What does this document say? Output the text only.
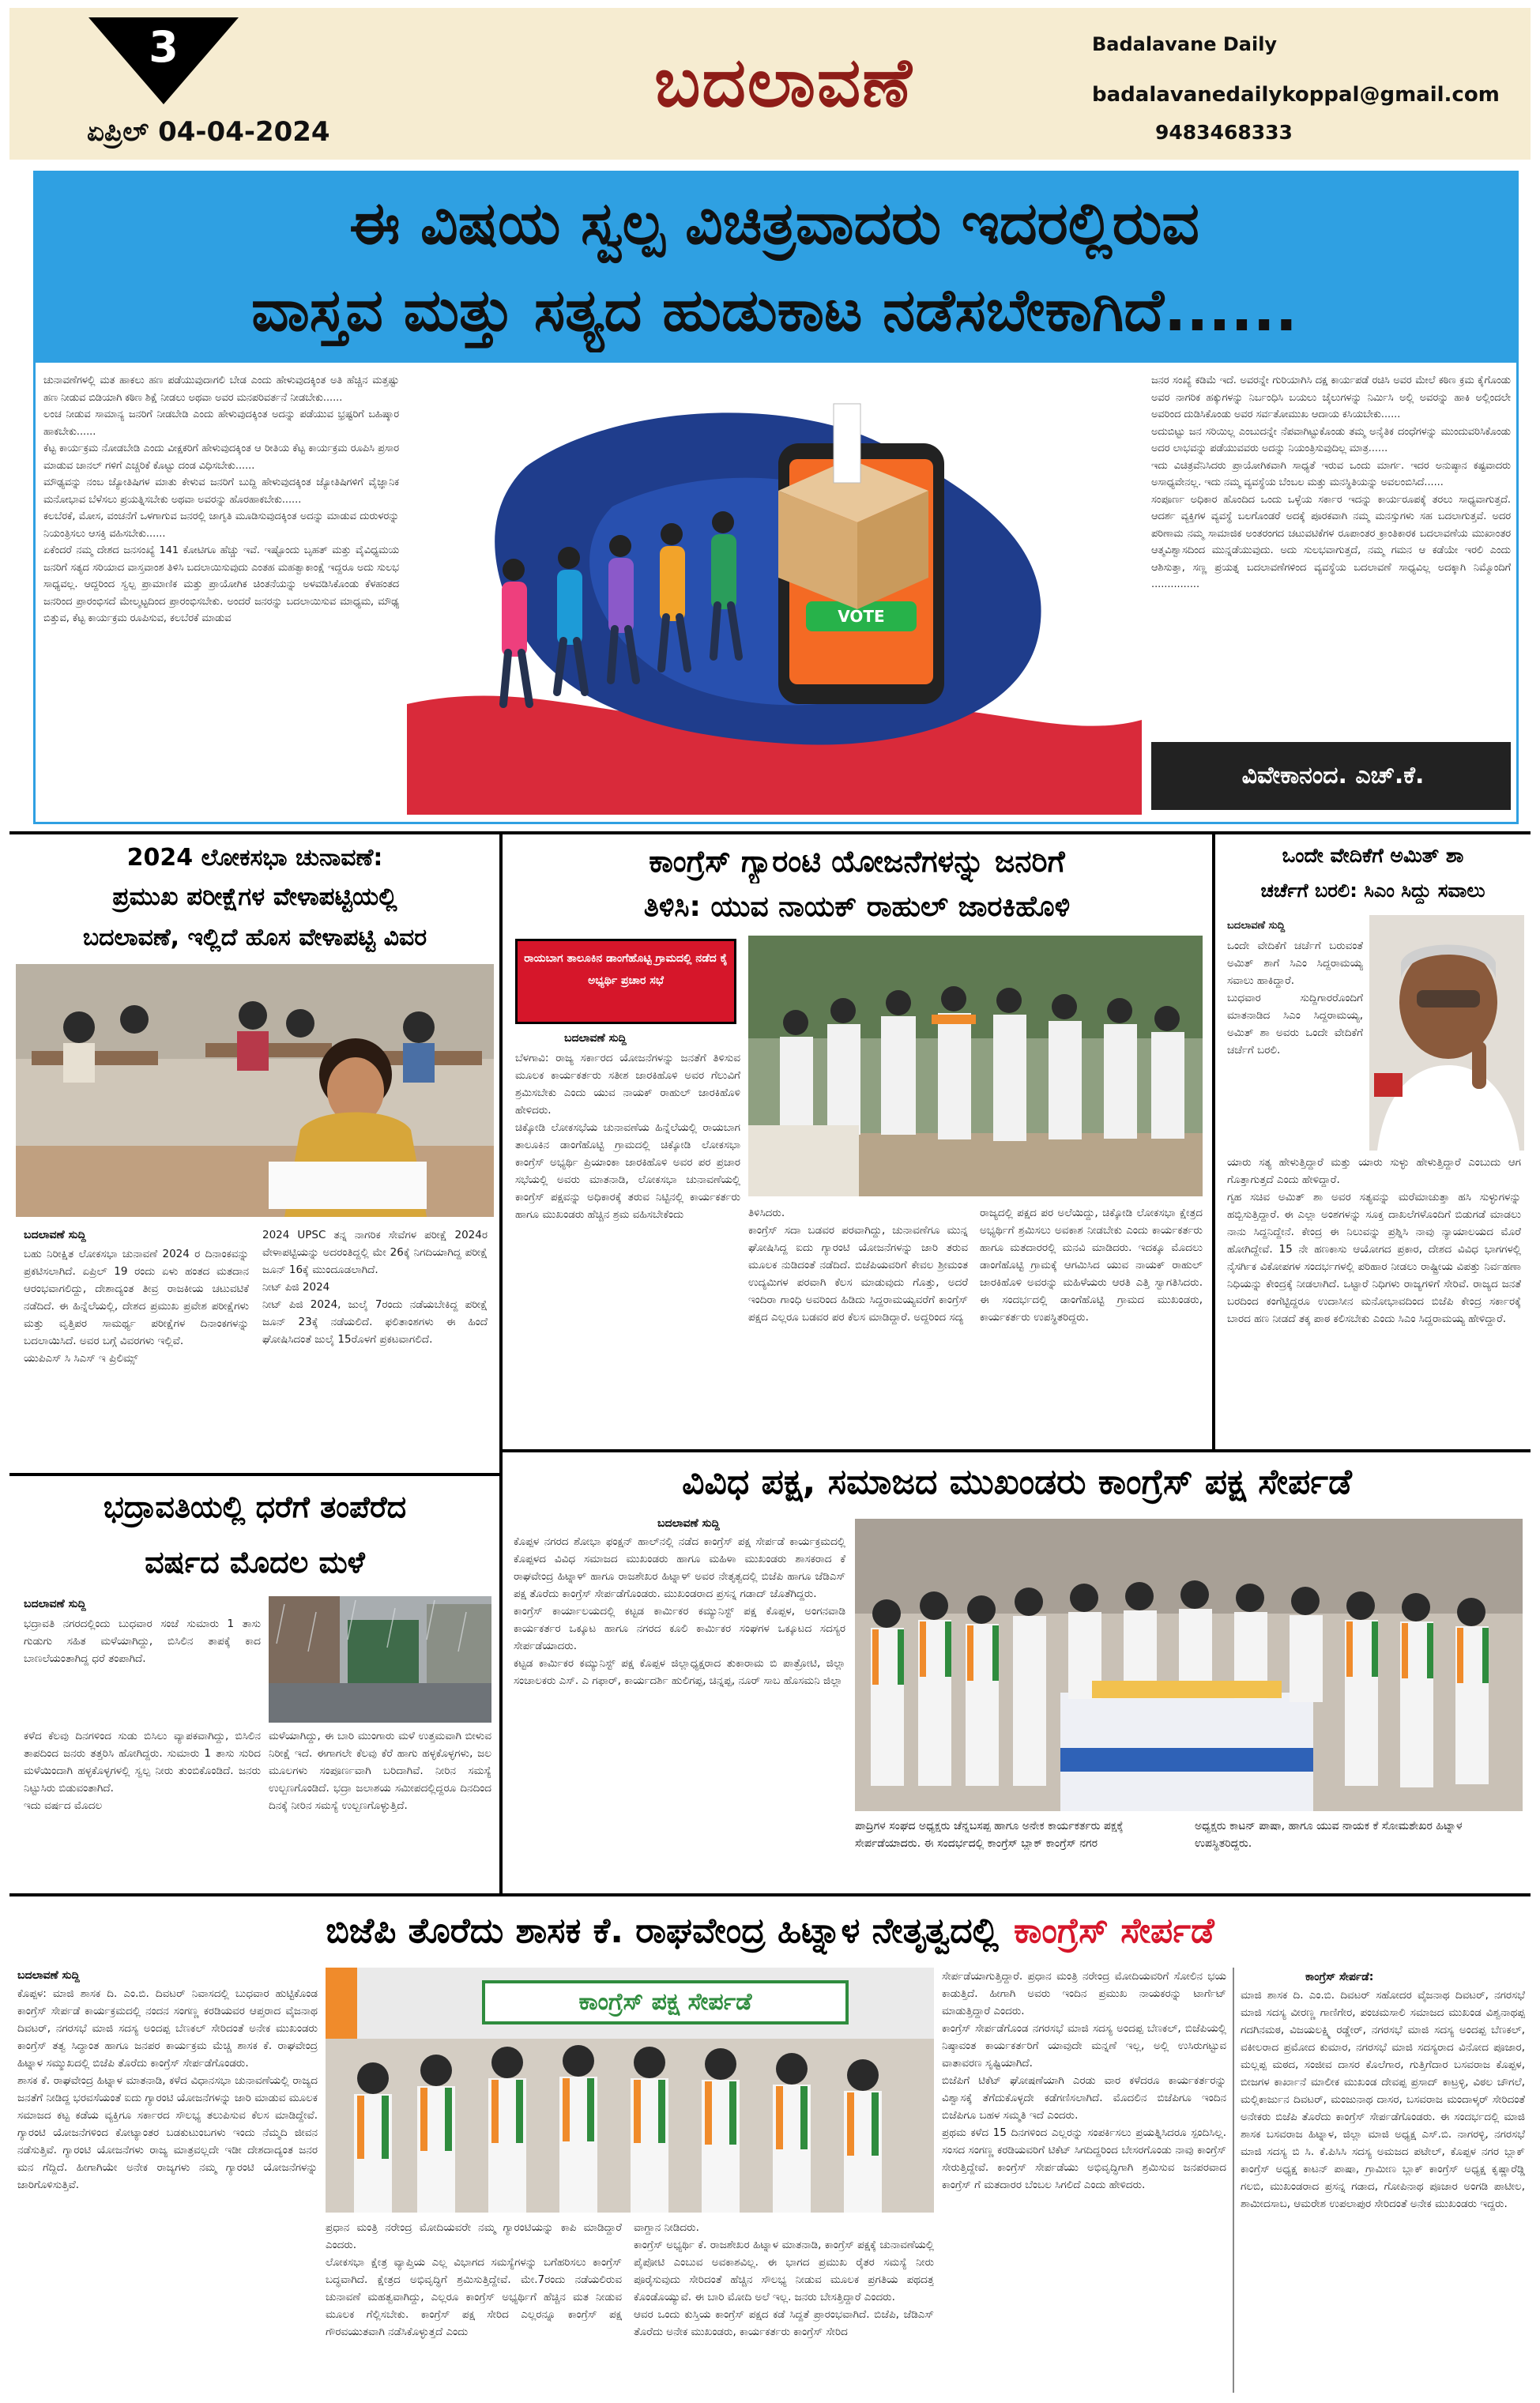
3
ಏಪ್ರಿಲ್ 04-04-2024
ಬದಲಾವಣೆ	Badalavane Daily
badalavanedailykoppal@gmail.com
9483468333
ಈ ವಿಷಯ ಸ್ವಲ್ಪ ವಿಚಿತ್ರವಾದರು ಇದರಲ್ಲಿರುವ
ವಾಸ್ತವ ಮತ್ತು ಸತ್ಯದ ಹುಡುಕಾಟ ನಡೆಸಬೇಕಾಗಿದೆ......
ಚುನಾವಣೆಗಳಲ್ಲಿ ಮತ ಹಾಕಲು ಹಣ ಪಡೆಯುವುದಾಗಲಿ ಬೇಡ ಎಂದು ಹೇಳುವುದಕ್ಕಿಂತ ಅತಿ ಹೆಚ್ಚಿನ ಮತ್ತಷ್ಟು ಹಣ ನೀಡುವ ಬಿಡಿಯಾಗಿ ಕಠಿಣ ಶಿಕ್ಷೆ ನೀಡಲು ಅಥವಾ ಅವರ ಮನಪರಿವರ್ತನೆ ನೀಡಬೇಕು......
ಲಂಚ ನೀಡುವ ಸಾಮಾನ್ಯ ಜನರಿಗೆ ನೀಡಬೇಡಿ ಎಂದು ಹೇಳುವುದಕ್ಕಿಂತ ಅದನ್ನು ಪಡೆಯುವ ಭ್ರಷ್ಟರಿಗೆ ಬಹಿಷ್ಕಾರ ಹಾಕಬೇಕು......
ಕೆಟ್ಟ ಕಾರ್ಯಕ್ರಮ ನೋಡಬೇಡಿ ಎಂದು ವೀಕ್ಷಕರಿಗೆ ಹೇಳುವುದಕ್ಕಿಂತ ಆ ರೀತಿಯ ಕೆಟ್ಟ ಕಾರ್ಯಕ್ರಮ ರೂಪಿಸಿ ಪ್ರಸಾರ ಮಾಡುವ ಚಾನಲ್ ಗಳಿಗೆ ಎಚ್ಚರಿಕೆ ಕೊಟ್ಟು ದಂಡ ವಿಧಿಸಬೇಕು......
ಮೌಢ್ಯವನ್ನು ನಂಬ ಜ್ಯೋತಿಷಿಗಳ ಮಾತು ಕೇಳುವ ಜನರಿಗೆ ಬುದ್ದಿ ಹೇಳುವುದಕ್ಕಿಂತ ಜ್ಯೋತಿಷಿಗಳಿಗೆ ವೈಜ್ಞಾನಿಕ ಮನೋಭಾವ ಬೆಳೆಸಲು ಪ್ರಯತ್ನಿಸಬೇಕು ಅಥವಾ ಅವರನ್ನು ಹೊರಹಾಕಬೇಕು......
ಕಲಬೆರಕೆ, ಮೋಸ, ವಂಚನೆಗೆ ಒಳಗಾಗುವ ಜನರಲ್ಲಿ ಜಾಗೃತಿ ಮೂಡಿಸುವುದಕ್ಕಿಂತ ಅದನ್ನು ಮಾಡುವ ದುರುಳರನ್ನು ನಿಯಂತ್ರಿಸಲು ಆಸಕ್ತಿ ವಹಿಸಬೇಕು......
ಏಕೆಂದರೆ ನಮ್ಮ ದೇಶದ ಜನಸಂಖ್ಯೆ 141 ಕೋಟಿಗೂ ಹೆಚ್ಚು ಇವೆ. ಇಷ್ಟೊಂದು ಬೃಹತ್ ಮತ್ತು ವೈವಿಧ್ಯಮಯ ಜನರಿಗೆ ಸತ್ಯದ ಸರಿಯಾದ ವಾಸ್ತವಾಂಶ ತಿಳಿಸಿ ಬದಲಾಯಿಸುವುದು ಎಂತಹ ಮಹತ್ವಾಕಾಂಕ್ಷೆ ಇದ್ದರೂ ಅದು ಸುಲಭ ಸಾಧ್ಯವಲ್ಲ. ಆದ್ದರಿಂದ ಸ್ವಲ್ಪ ಪ್ರಾಮಾಣಿಕ ಮತ್ತು ಪ್ರಾಯೋಗಿಕ ಚಿಂತನೆಯನ್ನು ಅಳವಡಿಸಿಕೊಂಡು ಕೆಳಹಂತದ ಜನರಿಂದ ಪ್ರಾರಂಭಿಸದೆ ಮೇಲ್ಮಟ್ಟದಿಂದ ಪ್ರಾರಂಭಿಸಬೇಕು. ಅಂದರೆ ಜನರನ್ನು ಬದಲಾಯಿಸುವ ಮಾಧ್ಯಮ, ಮೌಢ್ಯ ಬಿತ್ತುವ, ಕೆಟ್ಟ ಕಾರ್ಯಕ್ರಮ ರೂಪಿಸುವ, ಕಲಬೆರಕೆ ಮಾಡುವ	VOTE
ಜನರ ಸಂಖ್ಯೆ ಕಡಿಮೆ ಇದೆ. ಅವರನ್ನೇ ಗುರಿಯಾಗಿಸಿ ದಕ್ಷ ಕಾರ್ಯಪಡೆ ರಚಿಸಿ ಅವರ ಮೇಲೆ ಕಠಿಣ ಕ್ರಮ ಕೈಗೊಂಡು ಅವರ ನಾಗರಿಕ ಹಕ್ಕುಗಳನ್ನು ನಿರ್ಬಂಧಿಸಿ ಬಯಲು ಜೈಲುಗಳನ್ನು ನಿರ್ಮಿಸಿ ಅಲ್ಲಿ ಅವರನ್ನು ಹಾಕಿ ಅಲ್ಲಿಂದಲೇ ಅವರಿಂದ ದುಡಿಸಿಕೊಂಡು ಅವರ ಸರ್ವತೋಮುಖ ಆದಾಯ ಕಸಿಯಬೇಕು......
ಅದುಬಿಟ್ಟು ಜನ ಸರಿಯಿಲ್ಲ ಎಂಬುದನ್ನೇ ನೆಪವಾಗಿಟ್ಟುಕೊಂಡು ತಮ್ಮ ಅನೈತಿಕ ದಂಧೆಗಳನ್ನು ಮುಂದುವರಿಸಿಕೊಂಡು ಅದರ ಲಾಭವನ್ನು ಪಡೆಯುವವರು ಅದನ್ನು ನಿಯಂತ್ರಿಸುವುದಿಲ್ಲ ಮಾತ್ರ......
ಇದು ವಿಚಿತ್ರವೆನಿಸಿದರು ಪ್ರಾಯೋಗಿಕವಾಗಿ ಸಾಧ್ಯತೆ ಇರುವ ಒಂದು ಮಾರ್ಗ. ಇದರ ಅನುಷ್ಠಾನ ಕಷ್ಟವಾದರು ಅಸಾಧ್ಯವೇನಲ್ಲ. ಇದು ನಮ್ಮ ವ್ಯವಸ್ಥೆಯ ಬೆಂಬಲ ಮತ್ತು ಮನಸ್ಥಿತಿಯನ್ನು ಅವಲಂಬಿಸಿದೆ......
ಸಂಪೂರ್ಣ ಅಧಿಕಾರ ಹೊಂದಿದ ಒಂದು ಒಳ್ಳೆಯ ಸರ್ಕಾರ ಇದನ್ನು ಕಾರ್ಯರೂಪಕ್ಕೆ ತರಲು ಸಾಧ್ಯವಾಗುತ್ತದೆ. ಆದರ್ಶ ವ್ಯಕ್ತಿಗಳ ವ್ಯವಸ್ಥೆ ಬಲಗೊಂಡರೆ ಅದಕ್ಕೆ ಪೂರಕವಾಗಿ ನಮ್ಮ ಮನಸ್ಸುಗಳು ಸಹ ಬದಲಾಗುತ್ತವೆ. ಅದರ ಪರಿಣಾಮ ನಮ್ಮ ಸಾಮಾಜಿಕ ಅಂತರಂಗದ ಚಟುವಟಿಕೆಗಳ ರೂಪಾಂತರ ಕ್ರಾಂತಿಕಾರಕ ಬದಲಾವಣೆಯ ಮುಖಾಂತರ ಆತ್ಮವಿಶ್ವಾಸದಿಂದ ಮುನ್ನಡೆಯುವುದು. ಅದು ಸುಲಭವಾಗುತ್ತದೆ, ನಮ್ಮ ಗಮನ ಆ ಕಡೆಯೇ ಇರಲಿ ಎಂದು ಆಶಿಸುತ್ತಾ, ಸಣ್ಣ ಪ್ರಯತ್ನ ಬದಲಾವಣೆಗಳಿಂದ ವ್ಯವಸ್ಥೆಯ ಬದಲಾವಣೆ ಸಾಧ್ಯವಿಲ್ಲ ಅದಕ್ಕಾಗಿ ನಿಮ್ಮೊಂದಿಗೆ ...............
ವಿವೇಕಾನಂದ. ಎಚ್.ಕೆ.
2024 ಲೋಕಸಭಾ ಚುನಾವಣೆ:
ಪ್ರಮುಖ ಪರೀಕ್ಷೆಗಳ ವೇಳಾಪಟ್ಟಿಯಲ್ಲಿ
ಬದಲಾವಣೆ, ಇಲ್ಲಿದೆ ಹೊಸ ವೇಳಾಪಟ್ಟಿ ವಿವರ
ಬದಲಾವಣೆ ಸುದ್ದಿ
ಬಹು ನಿರೀಕ್ಷಿತ ಲೋಕಸಭಾ ಚುನಾವಣೆ 2024 ರ ದಿನಾಂಕವನ್ನು ಪ್ರಕಟಿಸಲಾಗಿದೆ. ಏಪ್ರಿಲ್ 19 ರಂದು ಏಳು ಹಂತದ ಮತದಾನ ಆರಂಭವಾಗಲಿದ್ದು, ದೇಶಾದ್ಯಂತ ತೀವ್ರ ರಾಜಕೀಯ ಚಟುವಟಿಕೆ ನಡೆದಿದೆ. ಈ ಹಿನ್ನೆಲೆಯಲ್ಲಿ, ದೇಶದ ಪ್ರಮುಖ ಪ್ರವೇಶ ಪರೀಕ್ಷೆಗಳು ಮತ್ತು ವೃತ್ತಿಪರ ಸಾಮರ್ಥ್ಯ ಪರೀಕ್ಷೆಗಳ ದಿನಾಂಕಗಳನ್ನು ಬದಲಾಯಿಸಿದೆ. ಅವರ ಬಗ್ಗೆ ವಿವರಗಳು ಇಲ್ಲಿವೆ.
ಯುಪಿಎಸ್ ಸಿ ಸಿಎಸ್ ಇ ಪ್ರಿಲಿಮ್ಸ್
2024 UPSC ತನ್ನ ನಾಗರಿಕ ಸೇವೆಗಳ ಪರೀಕ್ಷೆ 2024ರ ವೇಳಾಪಟ್ಟಿಯನ್ನು ಅದರಂತಿದ್ದಲ್ಲಿ ಮೇ 26ಕ್ಕೆ ನಿಗದಿಯಾಗಿದ್ದ ಪರೀಕ್ಷೆ ಜೂನ್ 16ಕ್ಕೆ ಮುಂದೂಡಲಾಗಿದೆ.
ನೀಟ್ ಪಿಜಿ 2024
ನೀಟ್ ಪಿಜಿ 2024, ಜುಲೈ 7ರಂದು ನಡೆಯಬೇಕಿದ್ದ ಪರೀಕ್ಷೆ ಜೂನ್ 23ಕ್ಕೆ ನಡೆಯಲಿದೆ. ಫಲಿತಾಂಶಗಳು ಈ ಹಿಂದೆ ಘೋಷಿಸಿದಂತೆ ಜುಲೈ 15ರೊಳಗೆ ಪ್ರಕಟವಾಗಲಿದೆ.
ಕಾಂಗ್ರೆಸ್ ಗ್ಯಾರಂಟಿ ಯೋಜನೆಗಳನ್ನು ಜನರಿಗೆ
ತಿಳಿಸಿ: ಯುವ ನಾಯಕ್ ರಾಹುಲ್ ಜಾರಕಿಹೊಳಿ
ರಾಯಬಾಗ ತಾಲೂಕಿನ ಡಾಂಗೆಹೊಟ್ಟಿ ಗ್ರಾಮದಲ್ಲಿ ನಡೆದ ಕೈ ಅಭ್ಯರ್ಥಿ ಪ್ರಚಾರ ಸಭೆ
ಬದಲಾವಣೆ ಸುದ್ದಿ
ಬೆಳಗಾವಿ: ರಾಜ್ಯ ಸರ್ಕಾರದ ಯೋಜನೆಗಳನ್ನು ಜನತೆಗೆ ತಿಳಿಸುವ ಮೂಲಕ ಕಾರ್ಯಕರ್ತರು ಸತೀಶ ಜಾರಕಿಹೊಳಿ ಅವರ ಗೆಲುವಿಗೆ ಶ್ರಮಿಸಬೇಕು ಎಂದು ಯುವ ನಾಯಕ್ ರಾಹುಲ್ ಜಾರಕಿಹೊಳಿ ಹೇಳಿದರು.
ಚಿಕ್ಕೋಡಿ ಲೋಕಸಭೆಯ ಚುನಾವಣೆಯ ಹಿನ್ನೆಲೆಯಲ್ಲಿ ರಾಯಬಾಗ ತಾಲೂಕಿನ ಡಾಂಗೆಹೊಟ್ಟಿ ಗ್ರಾಮದಲ್ಲಿ ಚಿಕ್ಕೋಡಿ ಲೋಕಸಭಾ ಕಾಂಗ್ರೆಸ್ ಅಭ್ಯರ್ಥಿ ಪ್ರಿಯಾಂಕಾ ಜಾರಕಿಹೊಳಿ ಅವರ ಪರ ಪ್ರಚಾರ ಸಭೆಯಲ್ಲಿ ಅವರು ಮಾತನಾಡಿ, ಲೋಕಸಭಾ ಚುನಾವಣೆಯಲ್ಲಿ ಕಾಂಗ್ರೆಸ್ ಪಕ್ಷವನ್ನು ಅಧಿಕಾರಕ್ಕೆ ತರುವ ನಿಟ್ಟಿನಲ್ಲಿ ಕಾರ್ಯಕರ್ತರು ಹಾಗೂ ಮುಖಂಡರು ಹೆಚ್ಚಿನ ಶ್ರಮ ವಹಿಸಬೇಕೆಂದು	ತಿಳಿಸಿದರು.
ಕಾಂಗ್ರೆಸ್ ಸದಾ ಬಡವರ ಪರವಾಗಿದ್ದು, ಚುನಾವಣೆಗೂ ಮುನ್ನ ಘೋಷಿಸಿದ್ದ ಐದು ಗ್ಯಾರಂಟಿ ಯೋಜನೆಗಳನ್ನು ಜಾರಿ ತರುವ ಮೂಲಕ ನುಡಿದಂತೆ ನಡೆದಿದೆ. ಬಿಜೆಪಿಯವರಿಗೆ ಕೇವಲ ಶ್ರೀಮಂತ ಉದ್ಯಮಿಗಳ ಪರವಾಗಿ ಕೆಲಸ ಮಾಡುವುದು ಗೊತ್ತು, ಅದರೆ ಇಂದಿರಾ ಗಾಂಧಿ ಅವರಿಂದ ಹಿಡಿದು ಸಿದ್ದರಾಮಯ್ಯವರೆಗೆ ಕಾಂಗ್ರೆಸ್ ಪಕ್ಷದ ಎಲ್ಲರೂ ಬಡವರ ಪರ ಕೆಲಸ ಮಾಡಿದ್ದಾರೆ. ಅದ್ದರಿಂದ ಸದ್ಯ
ರಾಜ್ಯದಲ್ಲಿ ಪಕ್ಷದ ಪರ ಅಲೆಯಿದ್ದು, ಚಿಕ್ಕೋಡಿ ಲೋಕಸಭಾ ಕ್ಷೇತ್ರದ ಅಭ್ಯರ್ಥಿಗೆ ಶ್ರಮಿಸಲು ಅವಕಾಶ ನೀಡಬೇಕು ಎಂದು ಕಾರ್ಯಕರ್ತರು ಹಾಗೂ ಮತದಾರರಲ್ಲಿ ಮನವಿ ಮಾಡಿದರು. ಇದಕ್ಕೂ ಮೊದಲು ಡಾಂಗೆಹೊಟ್ಟಿ ಗ್ರಾಮಕ್ಕೆ ಆಗಮಿಸಿದ ಯುವ ನಾಯಕ್ ರಾಹುಲ್ ಜಾರಕಿಹೊಳಿ ಅವರನ್ನು ಮಹಿಳೆಯರು ಆರತಿ ಎತ್ತಿ ಸ್ವಾಗತಿಸಿದರು. ಈ ಸಂದರ್ಭದಲ್ಲಿ ಡಾಂಗೆಹೊಟ್ಟಿ ಗ್ರಾಮದ ಮುಖಂಡರು, ಕಾರ್ಯಕರ್ತರು ಉಪಸ್ಥಿತರಿದ್ದರು.
ಒಂದೇ ವೇದಿಕೆಗೆ ಅಮಿತ್ ಶಾ
ಚರ್ಚೆಗೆ ಬರಲಿ: ಸಿಎಂ ಸಿದ್ದು ಸವಾಲು
ಬದಲಾವಣೆ ಸುದ್ದಿ
ಒಂದೇ ವೇದಿಕೆಗೆ ಚರ್ಚೆಗೆ ಬರುವಂತೆ ಅಮಿತ್ ಶಾಗೆ ಸಿಎಂ ಸಿದ್ದರಾಮಯ್ಯ ಸವಾಲು ಹಾಕಿದ್ದಾರೆ.
ಬುಧವಾರ ಸುದ್ದಿಗಾರರೊಂದಿಗೆ ಮಾತನಾಡಿದ ಸಿಎಂ ಸಿದ್ದರಾಮಯ್ಯ, ಅಮಿತ್ ಶಾ ಅವರು ಒಂದೇ ವೇದಿಕೆಗೆ ಚರ್ಚೆಗೆ ಬರಲಿ.
ಯಾರು ಸತ್ಯ ಹೇಳುತ್ತಿದ್ದಾರೆ ಮತ್ತು ಯಾರು ಸುಳ್ಳು ಹೇಳುತ್ತಿದ್ದಾರೆ ಎಂಬುದು ಆಗ ಗೊತ್ತಾಗುತ್ತದೆ ಎಂದು ಹೇಳಿದ್ದಾರೆ.
ಗೃಹ ಸಚಿವ ಅಮಿತ್ ಶಾ ಅವರ ಸತ್ಯವನ್ನು ಮರೆಮಾಚುತ್ತಾ ಹಸಿ ಸುಳ್ಳುಗಳನ್ನು ಹಬ್ಬಿಸುತ್ತಿದ್ದಾರೆ. ಈ ಎಲ್ಲಾ ಅಂಶಗಳನ್ನು ಸೂಕ್ತ ದಾಖಲೆಗಳೊಂದಿಗೆ ಬಿಡುಗಡೆ ಮಾಡಲು ನಾನು ಸಿದ್ದನಿದ್ದೇನೆ. ಕೇಂದ್ರ ಈ ನಿಲುವನ್ನು ಪ್ರಶ್ನಿಸಿ ನಾವು ನ್ಯಾಯಾಲಯದ ಮೊರೆ ಹೋಗಿದ್ದೇವೆ. 15 ನೇ ಹಣಕಾಸು ಆಯೋಗದ ಪ್ರಕಾರ, ದೇಶದ ವಿವಿಧ ಭಾಗಗಳಲ್ಲಿ ನೈಸರ್ಗಿಕ ವಿಕೋಪಗಳ ಸಂದರ್ಭಗಳಲ್ಲಿ ಪರಿಹಾರ ನೀಡಲು ರಾಷ್ಟ್ರೀಯ ವಿಪತ್ತು ನಿರ್ವಹಣಾ ನಿಧಿಯನ್ನು ಕೇಂದ್ರಕ್ಕೆ ನೀಡಲಾಗಿದೆ. ಒಟ್ಟಾರೆ ನಿಧಿಗಳು ರಾಜ್ಯಗಳಿಗೆ ಸೇರಿವೆ. ರಾಜ್ಯದ ಜನತೆ ಬರದಿಂದ ಕಂಗೆಟ್ಟಿದ್ದರೂ ಉದಾಸೀನ ಮನೋಭಾವದಿಂದ ಬಿಜೆಪಿ ಕೇಂದ್ರ ಸರ್ಕಾರಕ್ಕೆ ಬಾರದ ಹಣ ನೀಡದೆ ತಕ್ಕ ಪಾಠ ಕಲಿಸಬೇಕು ಎಂದು ಸಿಎಂ ಸಿದ್ದರಾಮಯ್ಯ ಹೇಳಿದ್ದಾರೆ.
ಭದ್ರಾವತಿಯಲ್ಲಿ ಧರೆಗೆ ತಂಪೆರೆದ
ವರ್ಷದ ಮೊದಲ ಮಳೆ
ಬದಲಾವಣೆ ಸುದ್ದಿ
ಭದ್ರಾವತಿ ನಗರದಲ್ಲಿಂದು ಬುಧವಾರ ಸಂಜೆ ಸುಮಾರು 1 ತಾಸು ಗುಡುಗು ಸಹಿತ ಮಳೆಯಾಗಿದ್ದು, ಬಿಸಿಲಿನ ತಾಪಕ್ಕೆ ಕಾದ ಬಾಣಲೆಯಂತಾಗಿದ್ದ ಧರೆ ತಂಪಾಗಿದೆ.
ಕಳೆದ ಕೆಲವು ದಿನಗಳಿಂದ ಸುಡು ಬಿಸಿಲು ವ್ಯಾಪಕವಾಗಿದ್ದು, ಬಿಸಿಲಿನ ತಾಪದಿಂದ ಜನರು ತತ್ತರಿಸಿ ಹೋಗಿದ್ದರು. ಸುಮಾರು 1 ತಾಸು ಸುರಿದ ಮಳೆಯಿಂದಾಗಿ ಹಳ್ಳಕೊಳ್ಳಗಳಲ್ಲಿ ಸ್ವಲ್ಪ ನೀರು ತುಂಬಿಕೊಂಡಿದೆ. ಜನರು ನಿಟ್ಟುಸಿರು ಬಿಡುವಂತಾಗಿದೆ.
ಇದು ವರ್ಷದ ಮೊದಲ
ಮಳೆಯಾಗಿದ್ದು, ಈ ಬಾರಿ ಮುಂಗಾರು ಮಳೆ ಉತ್ತಮವಾಗಿ ಬೀಳುವ ನಿರೀಕ್ಷೆ ಇದೆ. ಈಗಾಗಲೇ ಕೆಲವು ಕೆರೆ ಹಾಗು ಹಳ್ಳಕೊಳ್ಳಗಳು, ಜಲ ಮೂಲಗಳು ಸಂಪೂರ್ಣವಾಗಿ ಬರಿದಾಗಿವೆ. ನೀರಿನ ಸಮಸ್ಯೆ ಉಲ್ಬಣಗೊಂಡಿದೆ. ಭದ್ರಾ ಜಲಾಶಯ ಸಮೀಪದಲ್ಲಿದ್ದರೂ ದಿನದಿಂದ ದಿನಕ್ಕೆ ನೀರಿನ ಸಮಸ್ಯೆ ಉಲ್ಬಣಗೊಳ್ಳುತ್ತಿದೆ.
ವಿವಿಧ ಪಕ್ಷ, ಸಮಾಜದ ಮುಖಂಡರು ಕಾಂಗ್ರೆಸ್ ಪಕ್ಷ ಸೇರ್ಪಡೆ
ಬದಲಾವಣೆ ಸುದ್ದಿ
ಕೊಪ್ಪಳ ನಗರದ ಶೋಭಾ ಫಂಕ್ಷನ್ ಹಾಲ್‌ನಲ್ಲಿ ನಡೆದ ಕಾಂಗ್ರೆಸ್ ಪಕ್ಷ ಸೇರ್ಪಡೆ ಕಾರ್ಯಕ್ರಮದಲ್ಲಿ ಕೊಪ್ಪಳದ ವಿವಿಧ ಸಮಾಜದ ಮುಖಂಡರು ಹಾಗೂ ಮಹಿಳಾ ಮುಖಂಡರು ಶಾಸಕರಾದ ಕೆ ರಾಘವೇಂದ್ರ ಹಿಟ್ನಾಳ್ ಹಾಗೂ ರಾಜಶೇಖರ ಹಿಟ್ನಾಳ್ ಅವರ ನೇತೃತ್ವದಲ್ಲಿ ಬಿಜೆಪಿ ಹಾಗೂ ಜೆಡಿಎಸ್ ಪಕ್ಷ ತೊರೆದು ಕಾಂಗ್ರೆಸ್ ಸೇರ್ಪಡೆಗೊಂಡರು. ಮುಖಂಡರಾದ ಪ್ರಸನ್ನ ಗಡಾದ್ ಜೊತೆಗಿದ್ದರು.
ಕಾಂಗ್ರೆಸ್ ಕಾರ್ಯಾಲಯದಲ್ಲಿ ಕಟ್ಟಡ ಕಾರ್ಮಿಕರ ಕಮ್ಯುನಿಸ್ಟ್ ಪಕ್ಷ ಕೊಪ್ಪಳ, ಅಂಗನವಾಡಿ ಕಾರ್ಯಕರ್ತರ ಒಕ್ಕೂಟ ಹಾಗೂ ನಗರದ ಕೂಲಿ ಕಾರ್ಮಿಕರ ಸಂಘಗಳ ಒಕ್ಕೂಟದ ಸದಸ್ಯರ ಸೇರ್ಪಡೆಯಾದರು.
ಕಟ್ಟಡ ಕಾರ್ಮಿಕರ ಕಮ್ಯುನಿಸ್ಟ್ ಪಕ್ಷ ಕೊಪ್ಪಳ ಜಿಲ್ಲಾಧ್ಯಕ್ಷರಾದ ತುಕಾರಾಮ ಬಿ ಪಾತ್ರೋಟಿ, ಜಿಲ್ಲಾ ಸಂಚಾಲಕರು ಎಸ್. ಎ ಗಫಾರ್, ಕಾರ್ಯದರ್ಶಿ ಹುಲಿಗಪ್ಪ, ಚಿನ್ನಪ್ಪ, ನೂರ್ ಸಾಬ ಹೊಸಮನಿ ಜಿಲ್ಲಾ
ಪಾದ್ರಿಗಳ ಸಂಘದ ಅಧ್ಯಕ್ಷರು ಚೆನ್ನಬಸಪ್ಪ ಹಾಗೂ ಅನೇಕ ಕಾರ್ಯಕರ್ತರು ಪಕ್ಷಕ್ಕೆ ಸೇರ್ಪಡೆಯಾದರು. ಈ ಸಂದರ್ಭದಲ್ಲಿ ಕಾಂಗ್ರೆಸ್ ಬ್ಲಾಕ್ ಕಾಂಗ್ರೆಸ್ ನಗರ
ಅಧ್ಯಕ್ಷರು ಕಾಟನ್ ಪಾಷಾ, ಹಾಗೂ ಯುವ ನಾಯಕ ಕೆ ಸೋಮಶೇಖರ ಹಿಟ್ನಾಳ ಉಪಸ್ಥಿತರಿದ್ದರು.
ಬಿಜೆಪಿ ತೊರೆದು ಶಾಸಕ ಕೆ. ರಾಘವೇಂದ್ರ ಹಿಟ್ನಾಳ ನೇತೃತ್ವದಲ್ಲಿ ಕಾಂಗ್ರೆಸ್ ಸೇರ್ಪಡೆ
ಬದಲಾವಣೆ ಸುದ್ದಿ
ಕೊಪ್ಪಳ: ಮಾಜಿ ಶಾಸಕ ದಿ. ಎಂ.ಬಿ. ದಿವಟರ್ ನಿವಾಸದಲ್ಲಿ ಬುಧವಾರ ಹುಟ್ಟಿಕೊಂಡ ಕಾಂಗ್ರೆಸ್ ಸೇರ್ಪಡೆ ಕಾರ್ಯಕ್ರಮದಲ್ಲಿ ನಂದನ ಸಂಗಣ್ಣ ಕರಡಿಯವರ ಆಪ್ತರಾದ ವೈಜನಾಥ ದಿವಟರ್, ನಗರಸಭೆ ಮಾಜಿ ಸದಸ್ಯ ಅಂದಪ್ಪ ಬೆಣಕಲ್ ಸೇರಿದಂತೆ ಅನೇಕ ಮುಖಂಡರು ಕಾಂಗ್ರೆಸ್ ತತ್ವ ಸಿದ್ಧಾಂತ ಹಾಗೂ ಜನಪರ ಕಾರ್ಯಕ್ರಮ ಮೆಚ್ಚಿ ಶಾಸಕ ಕೆ. ರಾಘವೇಂದ್ರ ಹಿಟ್ನಾಳ ಸಮ್ಮುಖದಲ್ಲಿ ಬಿಜೆಪಿ ತೊರೆದು ಕಾಂಗ್ರೆಸ್ ಸೇರ್ಪಡೆಗೊಂಡರು.
ಶಾಸಕ ಕೆ. ರಾಘವೇಂದ್ರ ಹಿಟ್ನಾಳ ಮಾತನಾಡಿ, ಕಳೆದ ವಿಧಾನಸಭಾ ಚುನಾವಣೆಯಲ್ಲಿ ರಾಜ್ಯದ ಜನತೆಗೆ ನೀಡಿದ್ದ ಭರವಸೆಯಂತೆ ಐದು ಗ್ಯಾರಂಟಿ ಯೋಜನೆಗಳನ್ನು ಜಾರಿ ಮಾಡುವ ಮೂಲಕ ಸಮಾಜದ ಕಟ್ಟ ಕಡೆಯ ವ್ಯಕ್ತಿಗೂ ಸರ್ಕಾರದ ಸೌಲಭ್ಯ ತಲುಪಿಸುವ ಕೆಲಸ ಮಾಡಿದ್ದೇವೆ. ಗ್ಯಾರಂಟಿ ಯೋಜನೆಗಳಿಂದ ಕೋಟ್ಯಾಂತರ ಬಡಕುಟುಂಬಗಳು ಇಂದು ನೆಮ್ಮದಿ ಜೀವನ ನಡೆಸುತ್ತಿವೆ. ಗ್ಯಾರಂಟಿ ಯೋಜನೆಗಳು ರಾಜ್ಯ ಮಾತ್ರವಲ್ಲದೇ ಇಡೀ ದೇಶದಾದ್ಯಂತ ಜನರ ಮನ ಗೆದ್ದಿದೆ. ಹೀಗಾಗಿಯೇ ಅನೇಕ ರಾಜ್ಯಗಳು ನಮ್ಮ ಗ್ಯಾರಂಟಿ ಯೋಜನೆಗಳನ್ನು ಜಾರಿಗೊಳಿಸುತ್ತಿವೆ.
ಕಾಂಗ್ರೆಸ್ ಪಕ್ಷ ಸೇರ್ಪಡೆ
ಪ್ರಧಾನ ಮಂತ್ರಿ ನರೇಂದ್ರ ಮೋದಿಯವರೇ ನಮ್ಮ ಗ್ಯಾರಂಟಿಯನ್ನು ಕಾಪಿ ಮಾಡಿದ್ದಾರೆ ಎಂದರು.
ಲೋಕಸಭಾ ಕ್ಷೇತ್ರ ವ್ಯಾಪ್ತಿಯ ಎಲ್ಲ ವಿಭಾಗದ ಸಮಸ್ಯೆಗಳನ್ನು ಬಗೆಹರಿಸಲು ಕಾಂಗ್ರೆಸ್ ಬದ್ಧವಾಗಿದೆ. ಕ್ಷೇತ್ರದ ಅಭಿವೃದ್ಧಿಗೆ ಶ್ರಮಿಸುತ್ತಿದ್ದೇವೆ. ಮೇ.7ರಂದು ನಡೆಯಲಿರುವ ಚುನಾವಣೆ ಮಹತ್ವವಾಗಿದ್ದು, ಎಲ್ಲರೂ ಕಾಂಗ್ರೆಸ್ ಅಭ್ಯರ್ಥಿಗೆ ಹೆಚ್ಚಿನ ಮತ ನೀಡುವ ಮೂಲಕ ಗೆಲ್ಲಿಸಬೇಕು. ಕಾಂಗ್ರೆಸ್ ಪಕ್ಷ ಸೇರಿದ ಎಲ್ಲರನ್ನೂ ಕಾಂಗ್ರೆಸ್ ಪಕ್ಷ ಗೌರವಯುತವಾಗಿ ನಡೆಸಿಕೊಳ್ಳುತ್ತದೆ ಎಂದು
ವಾಗ್ದಾನ ನೀಡಿದರು.
ಕಾಂಗ್ರೆಸ್ ಅಭ್ಯರ್ಥಿ ಕೆ. ರಾಜಶೇಖರ ಹಿಟ್ನಾಳ ಮಾತನಾಡಿ, ಕಾಂಗ್ರೆಸ್ ಪಕ್ಷಕ್ಕೆ ಚುನಾವಣೆಯಲ್ಲಿ ಪೈಪೋಟಿ ಎಂಬುವ ಅವಕಾಶವಿಲ್ಲ. ಈ ಭಾಗದ ಪ್ರಮುಖ ರೈತರ ಸಮಸ್ಯೆ ನೀರು ಪೂರೈಸುವುದು ಸೇರಿದಂತೆ ಹೆಚ್ಚಿನ ಸೌಲಭ್ಯ ನೀಡುವ ಮೂಲಕ ಪ್ರಗತಿಯ ಪಥದತ್ತ ಕೊಂಡೊಯ್ಯುವೆ. ಈ ಬಾರಿ ಮೋದಿ ಅಲೆ ಇಲ್ಲ. ಜನರು ಬೇಸತ್ತಿದ್ದಾರೆ ಎಂದರು.
ಆವರ ಒಂದು ಕುಸ್ತಿಯ ಕಾಂಗ್ರೆಸ್ ಪಕ್ಷದ ಕಡೆ ಸಿದ್ದತೆ ಪ್ರಾರಂಭವಾಗಿದೆ. ಬಿಜೆಪಿ, ಜೆಡಿಎಸ್ ತೊರೆದು ಅನೇಕ ಮುಖಂಡರು, ಕಾರ್ಯಕರ್ತರು ಕಾಂಗ್ರೆಸ್ ಸೇರಿದ
ಸೇರ್ಪಡೆಯಾಗುತ್ತಿದ್ದಾರೆ. ಪ್ರಧಾನ ಮಂತ್ರಿ ನರೇಂದ್ರ ಮೋದಿಯವರಿಗೆ ಸೋಲಿನ ಭಯ ಕಾಡುತ್ತಿದೆ. ಹೀಗಾಗಿ ಅವರು ಇಂದಿನ ಪ್ರಮುಖ ನಾಯಕರನ್ನು ಟಾರ್ಗೆಟ್ ಮಾಡುತ್ತಿದ್ದಾರೆ ಎಂದರು.
ಕಾಂಗ್ರೆಸ್ ಸೇರ್ಪಡೆಗೊಂಡ ನಗರಸಭೆ ಮಾಜಿ ಸದಸ್ಯ ಅಂದಪ್ಪ ಬೆಣಕಲ್, ಬಿಜೆಪಿಯಲ್ಲಿ ನಿಷ್ಠಾವಂತ ಕಾರ್ಯಕರ್ತರಿಗೆ ಯಾವುದೇ ಮನ್ನಣೆ ಇಲ್ಲ, ಅಲ್ಲಿ ಉಸಿರುಗಟ್ಟುವ ವಾತಾವರಣ ಸೃಷ್ಟಿಯಾಗಿದೆ.
ಬಿಜೆಪಿಗೆ ಟಿಕೆಟ್ ಘೋಷಣೆಯಾಗಿ ಎರಡು ವಾರ ಕಳೆದರೂ ಕಾರ್ಯಕರ್ತರನ್ನು ವಿಶ್ವಾಸಕ್ಕೆ ತೆಗೆದುಕೊಳ್ಳದೇ ಕಡೆಗಣಿಸಲಾಗಿದೆ. ಮೊದಲಿನ ಬಿಜೆಪಿಗೂ ಇಂದಿನ ಬಿಜೆಪಿಗೂ ಬಹಳ ಸಮ್ಮತಿ ಇದೆ ಎಂದರು.
ಪ್ರಥಮ ಕಳೆದ 15 ದಿನಗಳಿಂದ ಎಲ್ಲರನ್ನು ಸಂಪರ್ಕಿಸಲು ಪ್ರಯತ್ನಿಸಿದರೂ ಸ್ಪಂದಿಸಿಲ್ಲ. ಸಂಸದ ಸಂಗಣ್ಣ ಕರಡಿಯವರಿಗೆ ಟಿಕೆಟ್ ಸಿಗದಿದ್ದರಿಂದ ಬೇಸರಗೊಂಡು ನಾವು ಕಾಂಗ್ರೆಸ್ ಸೇರುತ್ತಿದ್ದೇವೆ. ಕಾಂಗ್ರೆಸ್ ಸೇರ್ಪಡೆಯು ಅಭಿವೃದ್ಧಿಗಾಗಿ ಶ್ರಮಿಸುವ ಜನಪರವಾದ ಕಾಂಗ್ರೆಸ್ ಗೆ ಮತದಾರರ ಬೆಂಬಲ ಸಿಗಲಿದೆ ಎಂದು ಹೇಳಿದರು.
ಕಾಂಗ್ರೆಸ್ ಸೇರ್ಪಡೆ:
ಮಾಜಿ ಶಾಸಕ ದಿ. ಎಂ.ಬಿ. ದಿವಟರ್ ಸಹೋದರ ವೈಜನಾಥ ದಿವಟರ್, ನಗರಸಭೆ ಮಾಜಿ ಸದಸ್ಯ ವೀರಣ್ಣ ಗಾಣಿಗೇರ, ಪಂಚಮಸಾಲಿ ಸಮಾಜದ ಮುಖಂಡ ವಿಶ್ವನಾಥಪ್ಪ ಗದಗಿನಮಠ, ವಿಜಯಲಕ್ಷ್ಮಿ ರಡ್ಡೇರ್, ನಗರಸಭೆ ಮಾಜಿ ಸದಸ್ಯ ಅಂದಪ್ಪ ಬೆಣಕಲ್, ವಕೀಲರಾದ ಪ್ರಮೋದ ಕುಮಾರ, ನಗರಸಭೆ ಮಾಜಿ ಸದಸ್ಯರಾದ ವಿನೋದ ಪೂಜಾರ, ಮಲ್ಲಪ್ಪ ಮಠದ, ಸಂಜೀವ ದಾಸರ ಕೊಲೆಗಾರ, ಗುತ್ತಿಗೆದಾರ ಬಸವರಾಜ ಕೊಪ್ಪಳ, ಬೀಜಗಳ ಕಾರ್ಖಾನೆ ಮಾಲೀಕ ಮುಖಂಡ ದೇವಪ್ಪ ಪ್ರಸಾದ್ ಕಾಟ್ರಳ್ಳಿ, ವಿಠಲ ಚೌಗಲೆ, ಮಲ್ಲಿಕಾರ್ಜುನ ದಿವಟರ್, ಮಂಜುನಾಥ ದಾಸರ, ಬಸವರಾಜ ಮಂದಾಳ್ಕರ್ ಸೇರಿದಂತೆ ಅನೇಕರು ಬಿಜೆಪಿ ತೊರೆದು ಕಾಂಗ್ರೆಸ್ ಸೇರ್ಪಡೆಗೊಂಡರು. ಈ ಸಂದರ್ಭದಲ್ಲಿ ಮಾಜಿ ಶಾಸಕ ಬಸವರಾಜ ಹಿಟ್ನಾಳ, ಜಿಲ್ಲಾ ಮಾಜಿ ಅಧ್ಯಕ್ಷ ಎಸ್.ಬಿ. ನಾಗರಳ್ಳಿ, ನಗರಸಭೆ ಮಾಜಿ ಸದಸ್ಯ ಬಿ ಸಿ. ಕೆ.ಪಿಸಿಸಿ ಸದಸ್ಯ ಅಮಜದ ಪಟೇಲ್, ಕೊಪ್ಪಳ ನಗರ ಬ್ಲಾಕ್ ಕಾಂಗ್ರೆಸ್ ಅಧ್ಯಕ್ಷ ಕಾಟನ್ ಪಾಷಾ, ಗ್ರಾಮೀಣ ಬ್ಲಾಕ್ ಕಾಂಗ್ರೆಸ್ ಅಧ್ಯಕ್ಷ ಕೃಷ್ಣಾರೆಡ್ಡಿ ಗಲಬಿ, ಮುಖಂಡರಾದ ಪ್ರಸನ್ನ ಗಡಾದ, ಗೋಪಿನಾಥ ಪೂಜಾರ ಅಂಗಡಿ ಪಾಟೀಲ, ಶಾಮೀದಸಾಬ, ಆಮರೇಶ ಉಪಲಾಪುರ ಸೇರಿದಂತೆ ಅನೇಕ ಮುಖಂಡರು ಇದ್ದರು.
